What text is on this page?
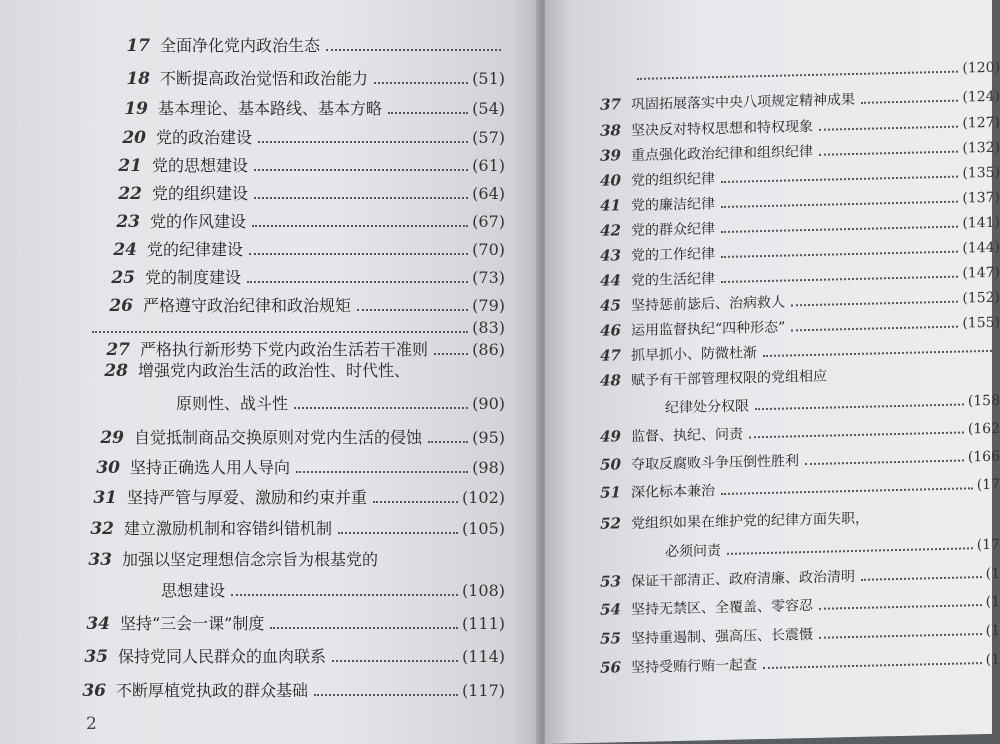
2
17 全面净化党内政治生态
18 不断提高政治觉悟和政治能力	(51)
19 基本理论、基本路线、基本方略	(54)
20 党的政治建设	(57)
21 党的思想建设	(61)
22 党的组织建设	(64)
23 党的作风建设	(67)
24 党的纪律建设	(70)
25 党的制度建设	(73)
26 严格遵守政治纪律和政治规矩	(79)
(83)
27 严格执行新形势下党内政治生活若干准则	(86)
28 增强党内政治生活的政治性、时代性、
原则性、战斗性	(90)
29 自觉抵制商品交换原则对党内生活的侵蚀	(95)
30 坚持正确选人用人导向	(98)
31 坚持严管与厚爱、激励和约束并重	(102)
32 建立激励机制和容错纠错机制	(105)
33 加强以坚定理想信念宗旨为根基党的
思想建设	(108)
34 坚持“三会一课”制度	(111)
35 保持党同人民群众的血肉联系	(114)
36 不断厚植党执政的群众基础	(117)
(120)
37 巩固拓展落实中央八项规定精神成果	(124)
38 坚决反对特权思想和特权现象	(127)
39 重点强化政治纪律和组织纪律	(132)
40 党的组织纪律	(135)
41 党的廉洁纪律	(137)
42 党的群众纪律	(141)
43 党的工作纪律	(144)
44 党的生活纪律	(147)
45 坚持惩前毖后、治病救人	(152)
46 运用监督执纪“四种形态”	(155)
47 抓早抓小、防微杜渐
48 赋予有干部管理权限的党组相应
纪律处分权限	(158
49 监督、执纪、问责	(162
50 夺取反腐败斗争压倒性胜利	(166
51 深化标本兼治	(17
52 党组织如果在维护党的纪律方面失职，
必须问责	(17
53 保证干部清正、政府清廉、政治清明	(1
54 坚持无禁区、全覆盖、零容忍	(1
55 坚持重遏制、强高压、长震慑	(1
56 坚持受贿行贿一起查	(1
